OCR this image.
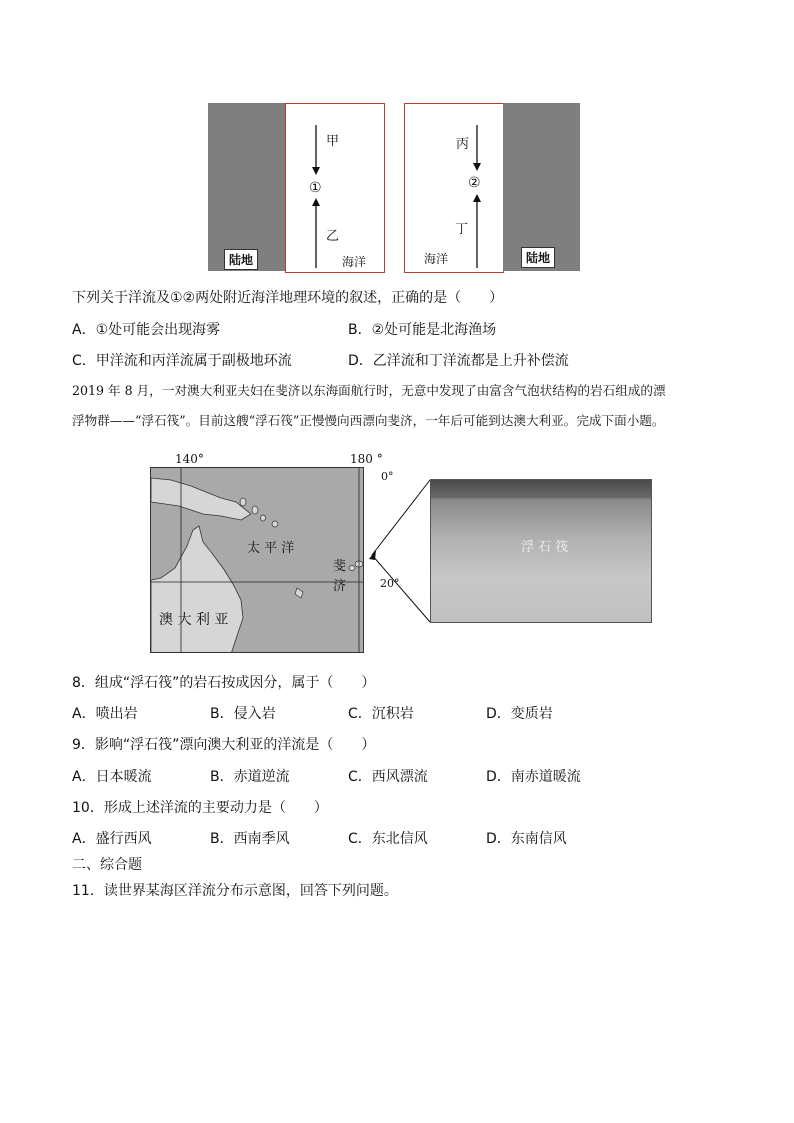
陆地
甲
①
乙
海洋	陆地
丙
②
丁
海洋
下列关于洋流及①②两处附近海洋地理环境的叙述，正确的是（　　）
A．①处可能会出现海雾	B．②处可能是北海渔场
C．甲洋流和丙洋流属于副极地环流	D．乙洋流和丁洋流都是上升补偿流
2019 年 8 月，一对澳大利亚夫妇在斐济以东海面航行时，无意中发现了由富含气泡状结构的岩石组成的漂
浮物群——“浮石筏”。目前这艘“浮石筏”正慢慢向西漂向斐济，一年后可能到达澳大利亚。完成下面小题。
140°	180 °
太 平 洋
斐
济
澳 大 利 亚
0°
20°
浮 石 筏
8．组成“浮石筏”的岩石按成因分，属于（　　）
A．喷出岩	B．侵入岩	C．沉积岩	D．变质岩
9．影响“浮石筏”漂向澳大利亚的洋流是（　　）
A．日本暖流	B．赤道逆流	C．西风漂流	D．南赤道暖流
10．形成上述洋流的主要动力是（　　）
A．盛行西风	B．西南季风	C．东北信风	D．东南信风
二、综合题
11．读世界某海区洋流分布示意图，回答下列问题。
